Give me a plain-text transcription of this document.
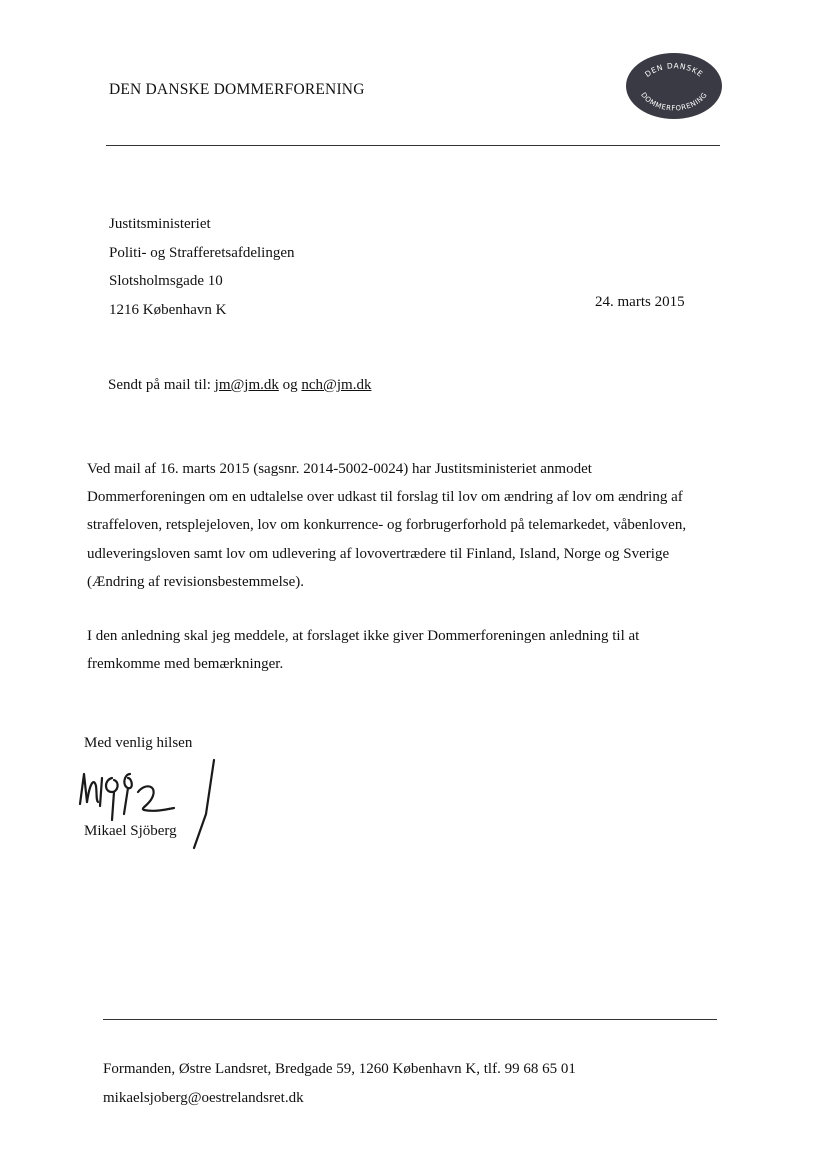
DEN DANSKE DOMMERFORENING
DEN DANSKE
DOMMERFORENING
Justitsministeriet
Politi- og Strafferetsafdelingen
Slotsholmsgade 10
1216 København K	24. marts 2015
Sendt på mail til: jm@jm.dk og nch@jm.dk
Ved mail af 16. marts 2015 (sagsnr. 2014-5002-0024) har Justitsministeriet anmodet
Dommerforeningen om en udtalelse over udkast til forslag til lov om ændring af lov om ændring af
straffeloven, retsplejeloven, lov om konkurrence- og forbrugerforhold på telemarkedet, våbenloven,
udleveringsloven samt lov om udlevering af lovovertrædere til Finland, Island, Norge og Sverige
(Ændring af revisionsbestemmelse).
I den anledning skal jeg meddele, at forslaget ikke giver Dommerforeningen anledning til at
fremkomme med bemærkninger.
Med venlig hilsen
Mikael Sjöberg
Formanden, Østre Landsret, Bredgade 59, 1260 København K, tlf. 99 68 65 01
mikaelsjoberg@oestrelandsret.dk
